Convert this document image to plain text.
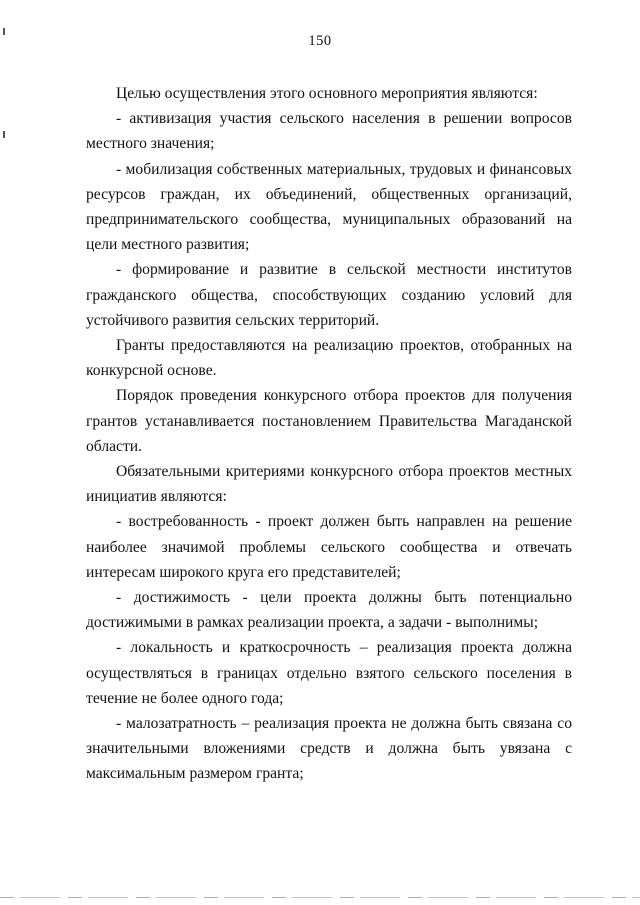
150

Целью осуществления этого основного мероприятия являются:

- активизация участия сельского населения в решении вопросов местного значения;

- мобилизация собственных материальных, трудовых и финансовых ресурсов граждан, их объединений, общественных организаций, предпринимательского сообщества, муниципальных образований на цели местного развития;

- формирование и развитие в сельской местности институтов гражданского общества, способствующих созданию условий для устойчивого развития сельских территорий.

Гранты предоставляются на реализацию проектов, отобранных на конкурсной основе.

Порядок проведения конкурсного отбора проектов для получения грантов устанавливается постановлением Правительства Магаданской области.

Обязательными критериями конкурсного отбора проектов местных инициатив являются:

- востребованность - проект должен быть направлен на решение наиболее значимой проблемы сельского сообщества и отвечать интересам широкого круга его представителей;

- достижимость - цели проекта должны быть потенциально достижимыми в рамках реализации проекта, а задачи - выполнимы;

- локальность и краткосрочность – реализация проекта должна осуществляться в границах отдельно взятого сельского поселения в течение не более одного года;

- малозатратность – реализация проекта не должна быть связана со значительными вложениями средств и должна быть увязана с максимальным размером гранта;
